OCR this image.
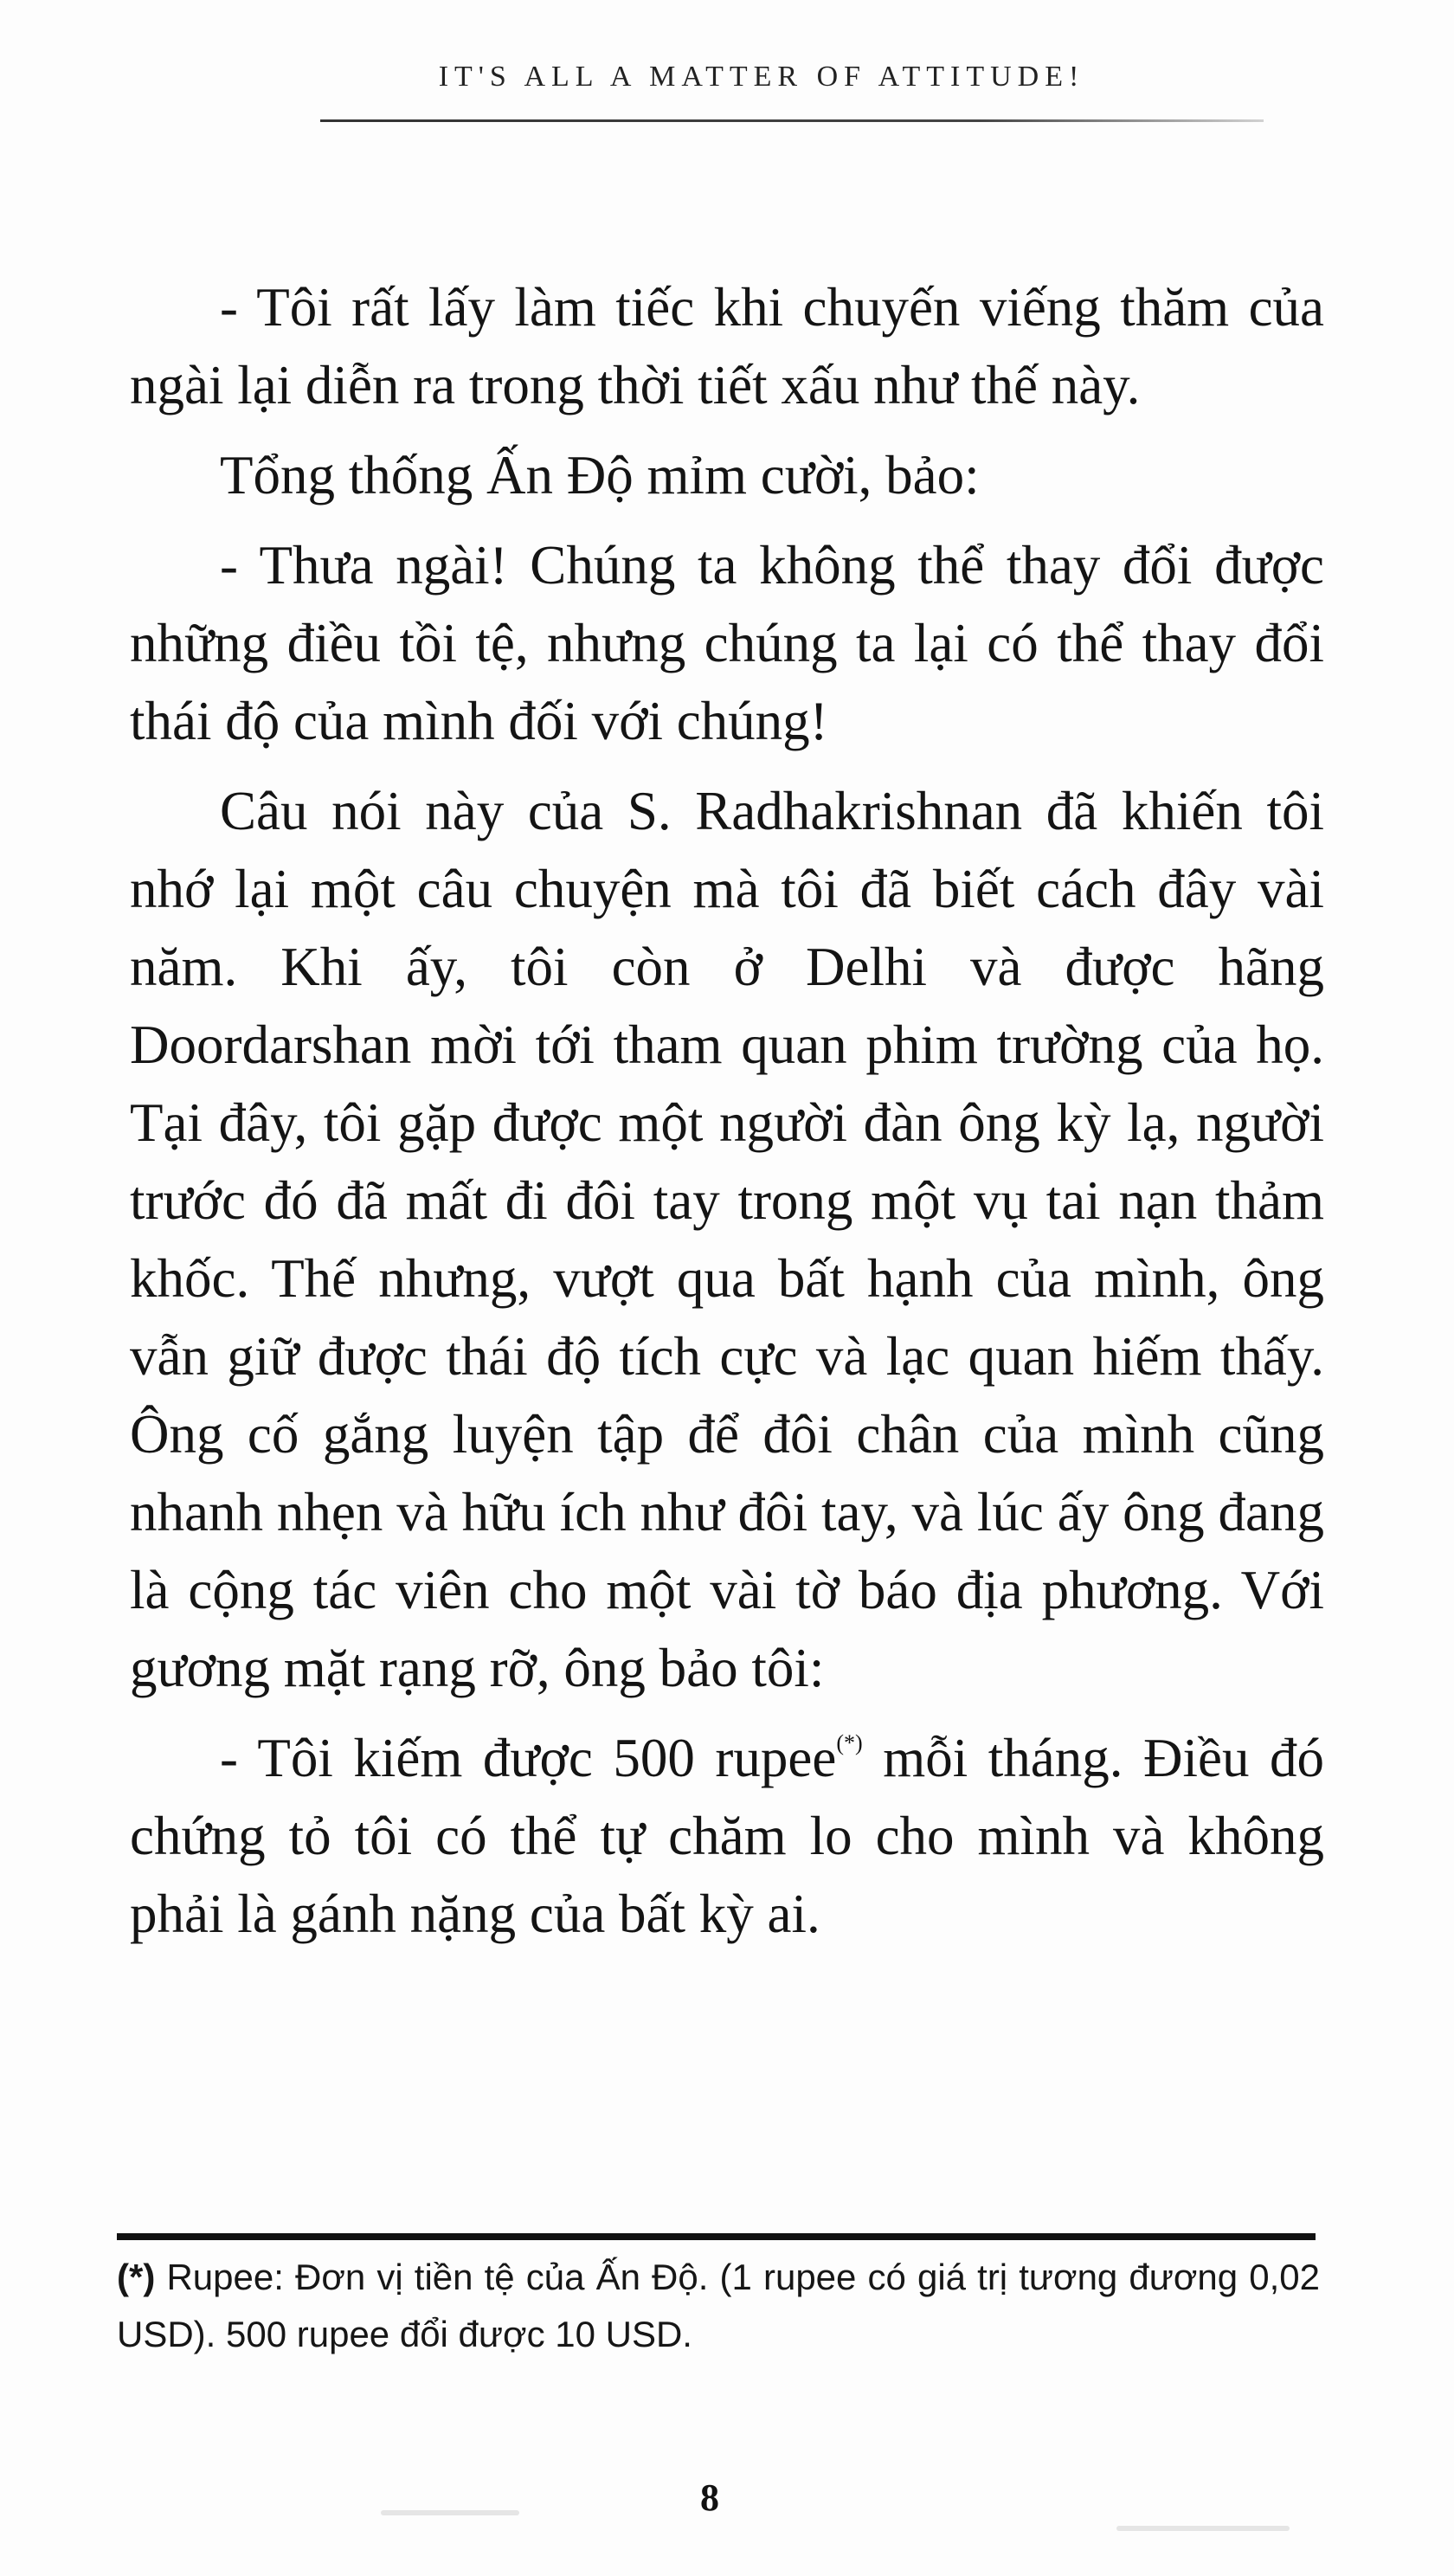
IT'S ALL A MATTER OF ATTITUDE!

- Tôi rất lấy làm tiếc khi chuyến viếng thăm của ngài lại diễn ra trong thời tiết xấu như thế này.

Tổng thống Ấn Độ mỉm cười, bảo:

- Thưa ngài! Chúng ta không thể thay đổi được những điều tồi tệ, nhưng chúng ta lại có thể thay đổi thái độ của mình đối với chúng!

Câu nói này của S. Radhakrishnan đã khiến tôi nhớ lại một câu chuyện mà tôi đã biết cách đây vài năm. Khi ấy, tôi còn ở Delhi và được hãng Doordarshan mời tới tham quan phim trường của họ. Tại đây, tôi gặp được một người đàn ông kỳ lạ, người trước đó đã mất đi đôi tay trong một vụ tai nạn thảm khốc. Thế nhưng, vượt qua bất hạnh của mình, ông vẫn giữ được thái độ tích cực và lạc quan hiếm thấy. Ông cố gắng luyện tập để đôi chân của mình cũng nhanh nhẹn và hữu ích như đôi tay, và lúc ấy ông đang là cộng tác viên cho một vài tờ báo địa phương. Với gương mặt rạng rỡ, ông bảo tôi:

- Tôi kiếm được 500 rupee(*) mỗi tháng. Điều đó chứng tỏ tôi có thể tự chăm lo cho mình và không phải là gánh nặng của bất kỳ ai.

(*) Rupee: Đơn vị tiền tệ của Ấn Độ. (1 rupee có giá trị tương đương 0,02 USD). 500 rupee đổi được 10 USD.
8
